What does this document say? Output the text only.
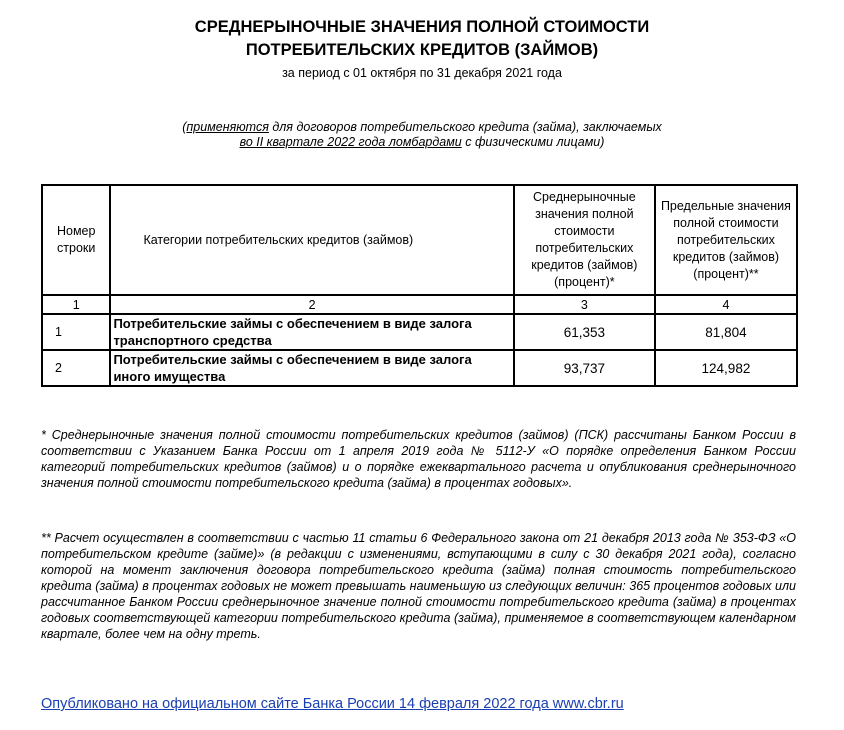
СРЕДНЕРЫНОЧНЫЕ ЗНАЧЕНИЯ ПОЛНОЙ СТОИМОСТИ
ПОТРЕБИТЕЛЬСКИХ КРЕДИТОВ (ЗАЙМОВ)
за период с 01 октября по 31 декабря 2021 года
(применяются для договоров потребительского кредита (займа), заключаемых
во II квартале 2022 года ломбардами с физическими лицами)
Номер строки	Категории потребительских кредитов (займов)	Среднерыночные значения полной стоимости потребительских кредитов (займов) (процент)*	Предельные значения полной стоимости потребительских кредитов (займов) (процент)**
1	2	3	4
1	Потребительские займы с обеспечением в виде залога транспортного средства	61,353	81,804
2	Потребительские займы с обеспечением в виде залога иного имущества	93,737	124,982

* Среднерыночные значения полной стоимости потребительских кредитов (займов) (ПСК) рассчитаны Банком России в соответствии с Указанием Банка России от 1 апреля 2019 года № 5112-У «О порядке определения Банком России категорий потребительских кредитов (займов) и о порядке ежеквартального расчета и опубликования среднерыночного значения полной стоимости потребительского кредита (займа) в процентах годовых».

** Расчет осуществлен в соответствии с частью 11 статьи 6 Федерального закона от 21 декабря 2013 года № 353-ФЗ «О потребительском кредите (займе)» (в редакции с изменениями, вступающими в силу с 30 декабря 2021 года), согласно которой на момент заключения договора потребительского кредита (займа) полная стоимость потребительского кредита (займа) в процентах годовых не может превышать наименьшую из следующих величин: 365 процентов годовых или рассчитанное Банком России среднерыночное значение полной стоимости потребительского кредита (займа) в процентах годовых соответствующей категории потребительского кредита (займа), применяемое в соответствующем календарном квартале, более чем на одну треть.

Опубликовано на официальном сайте Банка России 14 февраля 2022 года www.cbr.ru
